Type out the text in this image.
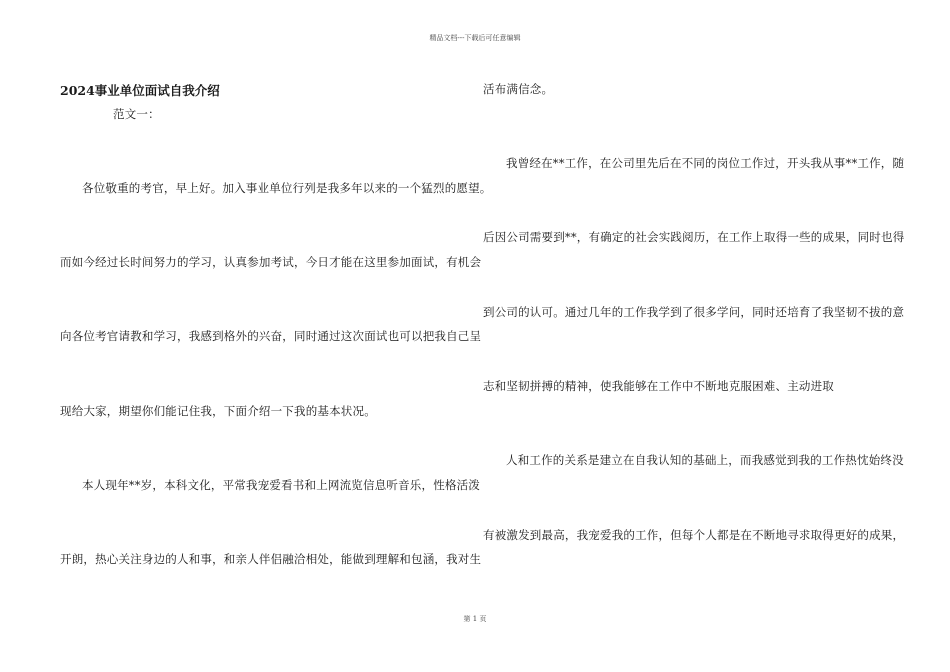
精品文档---下载后可任意编辑
2024事业单位面试自我介绍
范文一：
各位敬重的考官，早上好。加入事业单位行列是我多年以来的一个猛烈的愿望。
而如今经过长时间努力的学习，认真参加考试，今日才能在这里参加面试，有机会
向各位考官请教和学习，我感到格外的兴奋，同时通过这次面试也可以把我自己呈
现给大家，期望你们能记住我，下面介绍一下我的基本状况。
本人现年**岁，本科文化，平常我宠爱看书和上网流览信息听音乐，性格活泼
开朗，热心关注身边的人和事，和亲人伴侣融洽相处，能做到理解和包涵，我对生
活布满信念。
我曾经在**工作，在公司里先后在不同的岗位工作过，开头我从事**工作，随
后因公司需要到**，有确定的社会实践阅历，在工作上取得一些的成果，同时也得
到公司的认可。通过几年的工作我学到了很多学问，同时还培育了我坚韧不拔的意
志和坚韧拼搏的精神，使我能够在工作中不断地克服困难、主动进取
人和工作的关系是建立在自我认知的基础上，而我感觉到我的工作热忱始终没
有被激发到最高，我宠爱我的工作，但每个人都是在不断地寻求取得更好的成果，
第 1 页
